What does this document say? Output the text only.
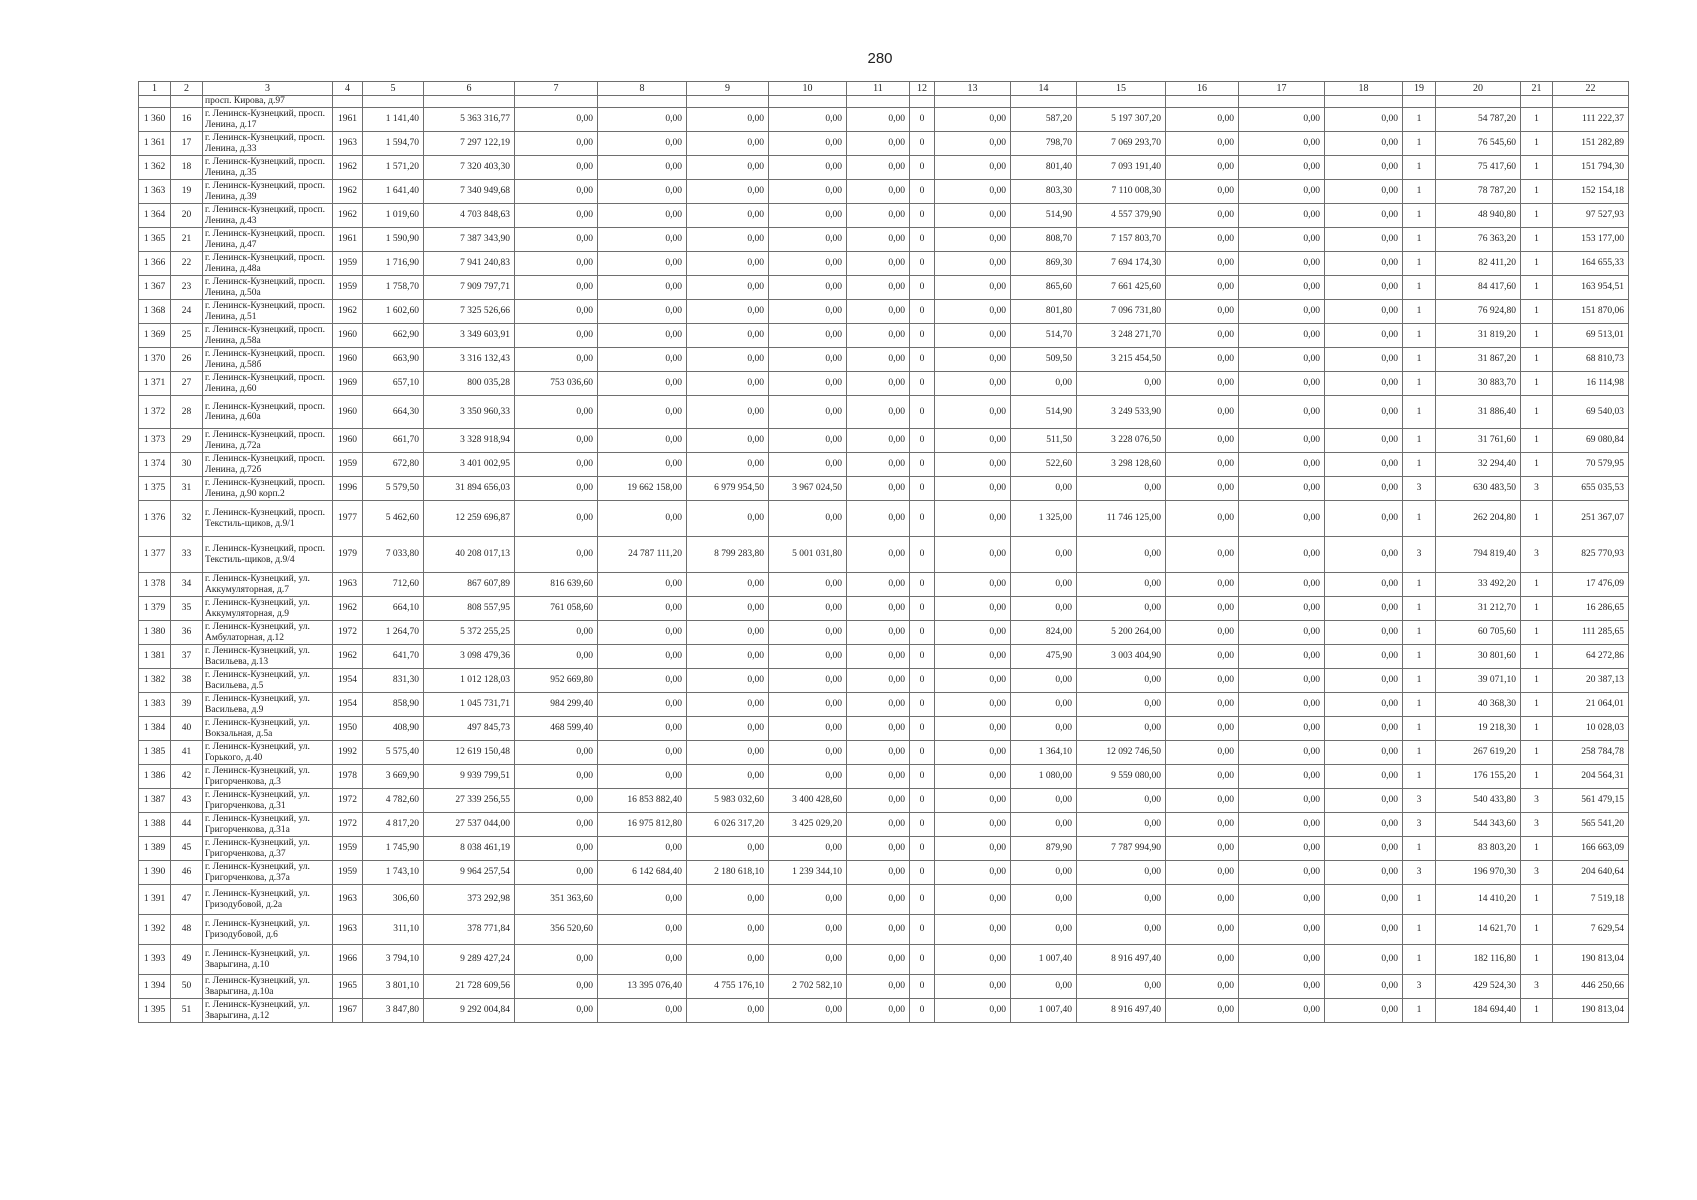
280
1	2	3	4	5	6	7	8	9	10	11	12	13	14	15	16	17	18	19	20	21	22
		просп. Кирова, д.97																			
1 360	16	г. Ленинск-Кузнецкий, просп. Ленина, д.17	1961	1 141,40	5 363 316,77	0,00	0,00	0,00	0,00	0,00	0	0,00	587,20	5 197 307,20	0,00	0,00	0,00	1	54 787,20	1	111 222,37
1 361	17	г. Ленинск-Кузнецкий, просп. Ленина, д.33	1963	1 594,70	7 297 122,19	0,00	0,00	0,00	0,00	0,00	0	0,00	798,70	7 069 293,70	0,00	0,00	0,00	1	76 545,60	1	151 282,89
1 362	18	г. Ленинск-Кузнецкий, просп. Ленина, д.35	1962	1 571,20	7 320 403,30	0,00	0,00	0,00	0,00	0,00	0	0,00	801,40	7 093 191,40	0,00	0,00	0,00	1	75 417,60	1	151 794,30
1 363	19	г. Ленинск-Кузнецкий, просп. Ленина, д.39	1962	1 641,40	7 340 949,68	0,00	0,00	0,00	0,00	0,00	0	0,00	803,30	7 110 008,30	0,00	0,00	0,00	1	78 787,20	1	152 154,18
1 364	20	г. Ленинск-Кузнецкий, просп. Ленина, д.43	1962	1 019,60	4 703 848,63	0,00	0,00	0,00	0,00	0,00	0	0,00	514,90	4 557 379,90	0,00	0,00	0,00	1	48 940,80	1	97 527,93
1 365	21	г. Ленинск-Кузнецкий, просп. Ленина, д.47	1961	1 590,90	7 387 343,90	0,00	0,00	0,00	0,00	0,00	0	0,00	808,70	7 157 803,70	0,00	0,00	0,00	1	76 363,20	1	153 177,00
1 366	22	г. Ленинск-Кузнецкий, просп. Ленина, д.48а	1959	1 716,90	7 941 240,83	0,00	0,00	0,00	0,00	0,00	0	0,00	869,30	7 694 174,30	0,00	0,00	0,00	1	82 411,20	1	164 655,33
1 367	23	г. Ленинск-Кузнецкий, просп. Ленина, д.50а	1959	1 758,70	7 909 797,71	0,00	0,00	0,00	0,00	0,00	0	0,00	865,60	7 661 425,60	0,00	0,00	0,00	1	84 417,60	1	163 954,51
1 368	24	г. Ленинск-Кузнецкий, просп. Ленина, д.51	1962	1 602,60	7 325 526,66	0,00	0,00	0,00	0,00	0,00	0	0,00	801,80	7 096 731,80	0,00	0,00	0,00	1	76 924,80	1	151 870,06
1 369	25	г. Ленинск-Кузнецкий, просп. Ленина, д.58а	1960	662,90	3 349 603,91	0,00	0,00	0,00	0,00	0,00	0	0,00	514,70	3 248 271,70	0,00	0,00	0,00	1	31 819,20	1	69 513,01
1 370	26	г. Ленинск-Кузнецкий, просп. Ленина, д.58б	1960	663,90	3 316 132,43	0,00	0,00	0,00	0,00	0,00	0	0,00	509,50	3 215 454,50	0,00	0,00	0,00	1	31 867,20	1	68 810,73
1 371	27	г. Ленинск-Кузнецкий, просп. Ленина, д.60	1969	657,10	800 035,28	753 036,60	0,00	0,00	0,00	0,00	0	0,00	0,00	0,00	0,00	0,00	0,00	1	30 883,70	1	16 114,98
1 372	28	г. Ленинск-Кузнецкий, просп. Ленина, д.60а	1960	664,30	3 350 960,33	0,00	0,00	0,00	0,00	0,00	0	0,00	514,90	3 249 533,90	0,00	0,00	0,00	1	31 886,40	1	69 540,03
1 373	29	г. Ленинск-Кузнецкий, просп. Ленина, д.72а	1960	661,70	3 328 918,94	0,00	0,00	0,00	0,00	0,00	0	0,00	511,50	3 228 076,50	0,00	0,00	0,00	1	31 761,60	1	69 080,84
1 374	30	г. Ленинск-Кузнецкий, просп. Ленина, д.72б	1959	672,80	3 401 002,95	0,00	0,00	0,00	0,00	0,00	0	0,00	522,60	3 298 128,60	0,00	0,00	0,00	1	32 294,40	1	70 579,95
1 375	31	г. Ленинск-Кузнецкий, просп. Ленина, д.90 корп.2	1996	5 579,50	31 894 656,03	0,00	19 662 158,00	6 979 954,50	3 967 024,50	0,00	0	0,00	0,00	0,00	0,00	0,00	0,00	3	630 483,50	3	655 035,53
1 376	32	г. Ленинск-Кузнецкий, просп. Текстиль-щиков, д.9/1	1977	5 462,60	12 259 696,87	0,00	0,00	0,00	0,00	0,00	0	0,00	1 325,00	11 746 125,00	0,00	0,00	0,00	1	262 204,80	1	251 367,07
1 377	33	г. Ленинск-Кузнецкий, просп. Текстиль-щиков, д.9/4	1979	7 033,80	40 208 017,13	0,00	24 787 111,20	8 799 283,80	5 001 031,80	0,00	0	0,00	0,00	0,00	0,00	0,00	0,00	3	794 819,40	3	825 770,93
1 378	34	г. Ленинск-Кузнецкий, ул. Аккумуляторная, д.7	1963	712,60	867 607,89	816 639,60	0,00	0,00	0,00	0,00	0	0,00	0,00	0,00	0,00	0,00	0,00	1	33 492,20	1	17 476,09
1 379	35	г. Ленинск-Кузнецкий, ул. Аккумуляторная, д.9	1962	664,10	808 557,95	761 058,60	0,00	0,00	0,00	0,00	0	0,00	0,00	0,00	0,00	0,00	0,00	1	31 212,70	1	16 286,65
1 380	36	г. Ленинск-Кузнецкий, ул. Амбулаторная, д.12	1972	1 264,70	5 372 255,25	0,00	0,00	0,00	0,00	0,00	0	0,00	824,00	5 200 264,00	0,00	0,00	0,00	1	60 705,60	1	111 285,65
1 381	37	г. Ленинск-Кузнецкий, ул. Васильева, д.13	1962	641,70	3 098 479,36	0,00	0,00	0,00	0,00	0,00	0	0,00	475,90	3 003 404,90	0,00	0,00	0,00	1	30 801,60	1	64 272,86
1 382	38	г. Ленинск-Кузнецкий, ул. Васильева, д.5	1954	831,30	1 012 128,03	952 669,80	0,00	0,00	0,00	0,00	0	0,00	0,00	0,00	0,00	0,00	0,00	1	39 071,10	1	20 387,13
1 383	39	г. Ленинск-Кузнецкий, ул. Васильева, д.9	1954	858,90	1 045 731,71	984 299,40	0,00	0,00	0,00	0,00	0	0,00	0,00	0,00	0,00	0,00	0,00	1	40 368,30	1	21 064,01
1 384	40	г. Ленинск-Кузнецкий, ул. Вокзальная, д.5а	1950	408,90	497 845,73	468 599,40	0,00	0,00	0,00	0,00	0	0,00	0,00	0,00	0,00	0,00	0,00	1	19 218,30	1	10 028,03
1 385	41	г. Ленинск-Кузнецкий, ул. Горького, д.40	1992	5 575,40	12 619 150,48	0,00	0,00	0,00	0,00	0,00	0	0,00	1 364,10	12 092 746,50	0,00	0,00	0,00	1	267 619,20	1	258 784,78
1 386	42	г. Ленинск-Кузнецкий, ул. Григорченкова, д.3	1978	3 669,90	9 939 799,51	0,00	0,00	0,00	0,00	0,00	0	0,00	1 080,00	9 559 080,00	0,00	0,00	0,00	1	176 155,20	1	204 564,31
1 387	43	г. Ленинск-Кузнецкий, ул. Григорченкова, д.31	1972	4 782,60	27 339 256,55	0,00	16 853 882,40	5 983 032,60	3 400 428,60	0,00	0	0,00	0,00	0,00	0,00	0,00	0,00	3	540 433,80	3	561 479,15
1 388	44	г. Ленинск-Кузнецкий, ул. Григорченкова, д.31а	1972	4 817,20	27 537 044,00	0,00	16 975 812,80	6 026 317,20	3 425 029,20	0,00	0	0,00	0,00	0,00	0,00	0,00	0,00	3	544 343,60	3	565 541,20
1 389	45	г. Ленинск-Кузнецкий, ул. Григорченкова, д.37	1959	1 745,90	8 038 461,19	0,00	0,00	0,00	0,00	0,00	0	0,00	879,90	7 787 994,90	0,00	0,00	0,00	1	83 803,20	1	166 663,09
1 390	46	г. Ленинск-Кузнецкий, ул. Григорченкова, д.37а	1959	1 743,10	9 964 257,54	0,00	6 142 684,40	2 180 618,10	1 239 344,10	0,00	0	0,00	0,00	0,00	0,00	0,00	0,00	3	196 970,30	3	204 640,64
1 391	47	г. Ленинск-Кузнецкий, ул. Гризодубовой, д.2а	1963	306,60	373 292,98	351 363,60	0,00	0,00	0,00	0,00	0	0,00	0,00	0,00	0,00	0,00	0,00	1	14 410,20	1	7 519,18
1 392	48	г. Ленинск-Кузнецкий, ул. Гризодубовой, д.6	1963	311,10	378 771,84	356 520,60	0,00	0,00	0,00	0,00	0	0,00	0,00	0,00	0,00	0,00	0,00	1	14 621,70	1	7 629,54
1 393	49	г. Ленинск-Кузнецкий, ул. Зварыгина, д.10	1966	3 794,10	9 289 427,24	0,00	0,00	0,00	0,00	0,00	0	0,00	1 007,40	8 916 497,40	0,00	0,00	0,00	1	182 116,80	1	190 813,04
1 394	50	г. Ленинск-Кузнецкий, ул. Зварыгина, д.10а	1965	3 801,10	21 728 609,56	0,00	13 395 076,40	4 755 176,10	2 702 582,10	0,00	0	0,00	0,00	0,00	0,00	0,00	0,00	3	429 524,30	3	446 250,66
1 395	51	г. Ленинск-Кузнецкий, ул. Зварыгина, д.12	1967	3 847,80	9 292 004,84	0,00	0,00	0,00	0,00	0,00	0	0,00	1 007,40	8 916 497,40	0,00	0,00	0,00	1	184 694,40	1	190 813,04
